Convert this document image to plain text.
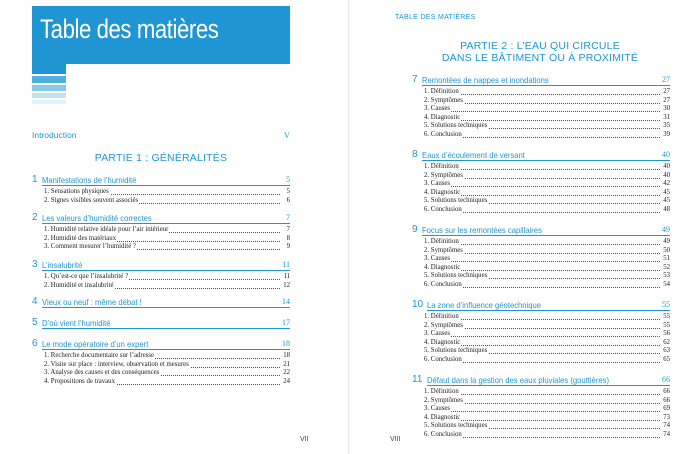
Table des matières
Introduction	V
PARTIE 1 : GÉNÉRALITÉS
1 Manifestations de l’humidité	5
1. Sensations physiques	5
2. Signes visibles souvent associés	6
2 Les valeurs d’humidité correctes	7
1. Humidité relative idéale pour l’air intérieur	7
2. Humidité des matériaux	8
3. Comment mesurer l’humidité ?	9
3 L’insalubrité	11
1. Qu’est-ce que l’insalubrité ?	11
2. Humidité et insalubrité	12
4 Vieux ou neuf : même débat !	14
5 D’où vient l’humidité	17
6 Le mode opératoire d’un expert	18
1. Recherche documentaire sur l’adresse	18
2. Visite sur place : interview, observation et mesures	21
3. Analyse des causes et des conséquences	22
4. Propositions de travaux	24
VII
TABLE DES MATIÈRES
PARTIE 2 : L’EAU QUI CIRCULE
DANS LE BÂTIMENT OU À PROXIMITÉ
7 Remontées de nappes et inondations	27
1. Définition	27
2. Symptômes	27
3. Causes	30
4. Diagnostic	31
5. Solutions techniques	35
6. Conclusion	39
8 Eaux d’écoulement de versant	40
1. Définition	40
2. Symptômes	40
3. Causes	42
4. Diagnostic	45
5. Solutions techniques	45
6. Conclusion	48
9 Focus sur les remontées capillaires	49
1. Définition	49
2. Symptômes	50
3. Causes	51
4. Diagnostic	52
5. Solutions techniques	53
6. Conclusion	54
10 La zone d’influence géotechnique	55
1. Définition	55
2. Symptômes	55
3. Causes	56
4. Diagnostic	62
5. Solutions techniques	63
6. Conclusion	65
11 Défaut dans la gestion des eaux pluviales (gouttières)	66
1. Définition	66
2. Symptômes	66
3. Causes	69
4. Diagnostic	73
5. Solutions techniques	74
6. Conclusion	74
VIII
